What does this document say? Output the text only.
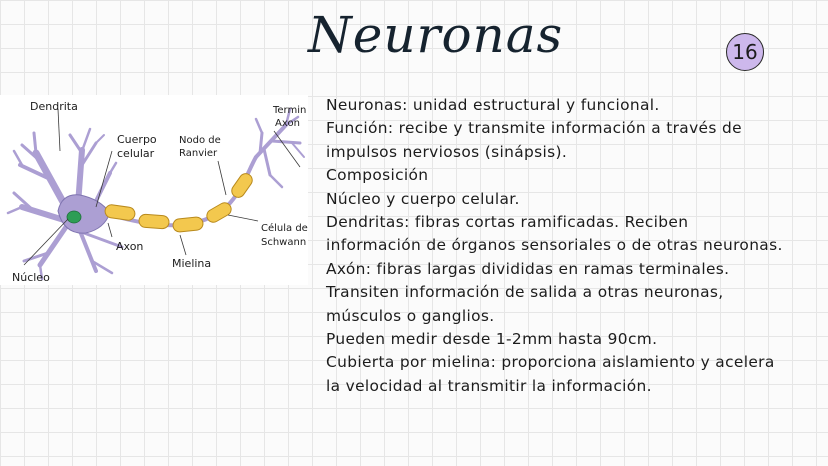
Neuronas	16
Dendrita
Cuerpo
celular
Nodo de
Ranvier
Termin
Axon
Célula de
Schwann
Axon
Mielina
Núcleo
Neuronas: unidad estructural y funcional.
Función: recibe y transmite información a través de
impulsos nerviosos (sinápsis).
Composición
Núcleo y cuerpo celular.
Dendritas: fibras cortas ramificadas. Reciben
información de órganos sensoriales o de otras neuronas.
Axón: fibras largas divididas en ramas terminales.
Transiten información de salida a otras neuronas,
músculos o ganglios.
Pueden medir desde 1-2mm hasta 90cm.
Cubierta por mielina: proporciona aislamiento y acelera
la velocidad al transmitir la información.
